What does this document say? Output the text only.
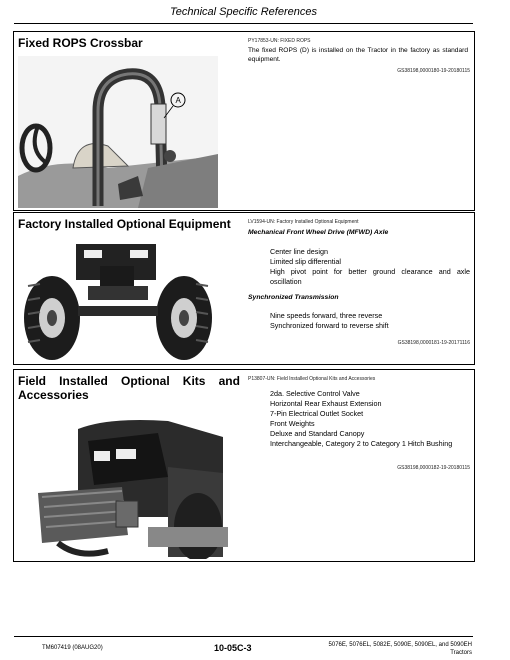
Technical Specific References
Fixed ROPS Crossbar
A
PY17853-UN: FIXED ROPS
The fixed ROPS (D) is installed on the Tractor in the factory as standard equipment.
GS38198,0000180-19-20180115
Factory Installed Optional Equipment	LV1594-UN: Factory Installed Optional Equipment
Mechanical Front Wheel Drive (MFWD) Axle
Center line design
Limited slip differential
High pivot point for better ground clearance and axle oscillation
Synchronized Transmission
Nine speeds forward, three reverse
Synchronized forward to reverse shift
GS38198,0000181-19-20171116
Field Installed Optional Kits and
Accessories
P13807-UN: Field Installed Optional Kits and Accessories
2da. Selective Control Valve
Horizontal Rear Exhaust Extension
7-Pin Electrical Outlet Socket
Front Weights
Deluxe and Standard Canopy
Interchangeable, Category 2 to Category 1 Hitch Bushing
GS38198,0000182-19-20180115
TM607419 (08AUG20)	10-05C-3	5076E, 5076EL, 5082E, 5090E, 5090EL, and 5090EH
Tractors
